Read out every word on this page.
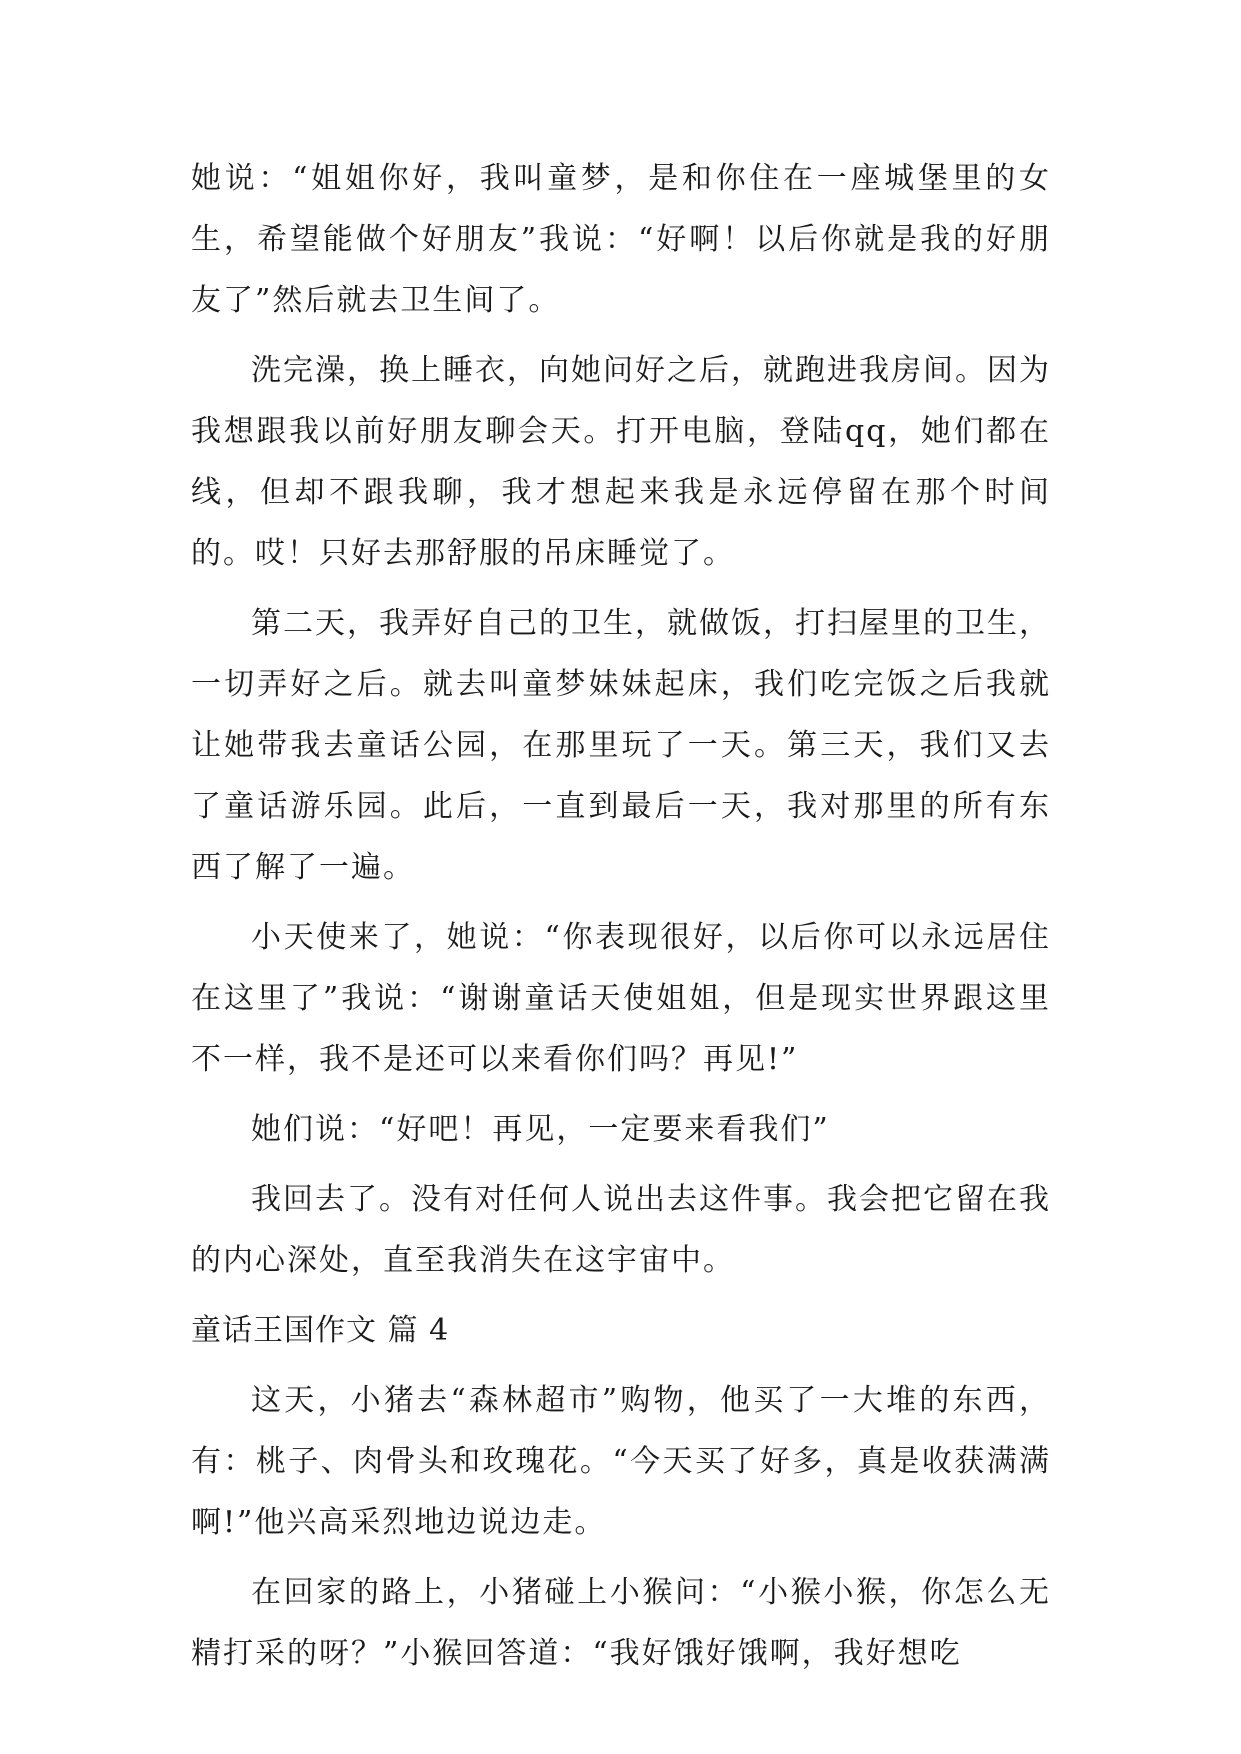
她说：“姐姐你好，我叫童梦，是和你住在一座城堡里的女生，希望能做个好朋友”我说：“好啊！以后你就是我的好朋友了”然后就去卫生间了。

洗完澡，换上睡衣，向她问好之后，就跑进我房间。因为我想跟我以前好朋友聊会天。打开电脑，登陆qq，她们都在线，但却不跟我聊，我才想起来我是永远停留在那个时间的。哎！只好去那舒服的吊床睡觉了。

第二天，我弄好自己的卫生，就做饭，打扫屋里的卫生，一切弄好之后。就去叫童梦妹妹起床，我们吃完饭之后我就让她带我去童话公园，在那里玩了一天。第三天，我们又去了童话游乐园。此后，一直到最后一天，我对那里的所有东西了解了一遍。

小天使来了，她说：“你表现很好，以后你可以永远居住在这里了”我说：“谢谢童话天使姐姐，但是现实世界跟这里不一样，我不是还可以来看你们吗？再见!”

她们说：“好吧！再见，一定要来看我们”

我回去了。没有对任何人说出去这件事。我会把它留在我的内心深处，直至我消失在这宇宙中。

童话王国作文 篇 4

这天，小猪去“森林超市”购物，他买了一大堆的东西，有：桃子、肉骨头和玫瑰花。“今天买了好多，真是收获满满啊!”他兴高采烈地边说边走。

在回家的路上，小猪碰上小猴问：“小猴小猴，你怎么无精打采的呀？”小猴回答道：“我好饿好饿啊，我好想吃
